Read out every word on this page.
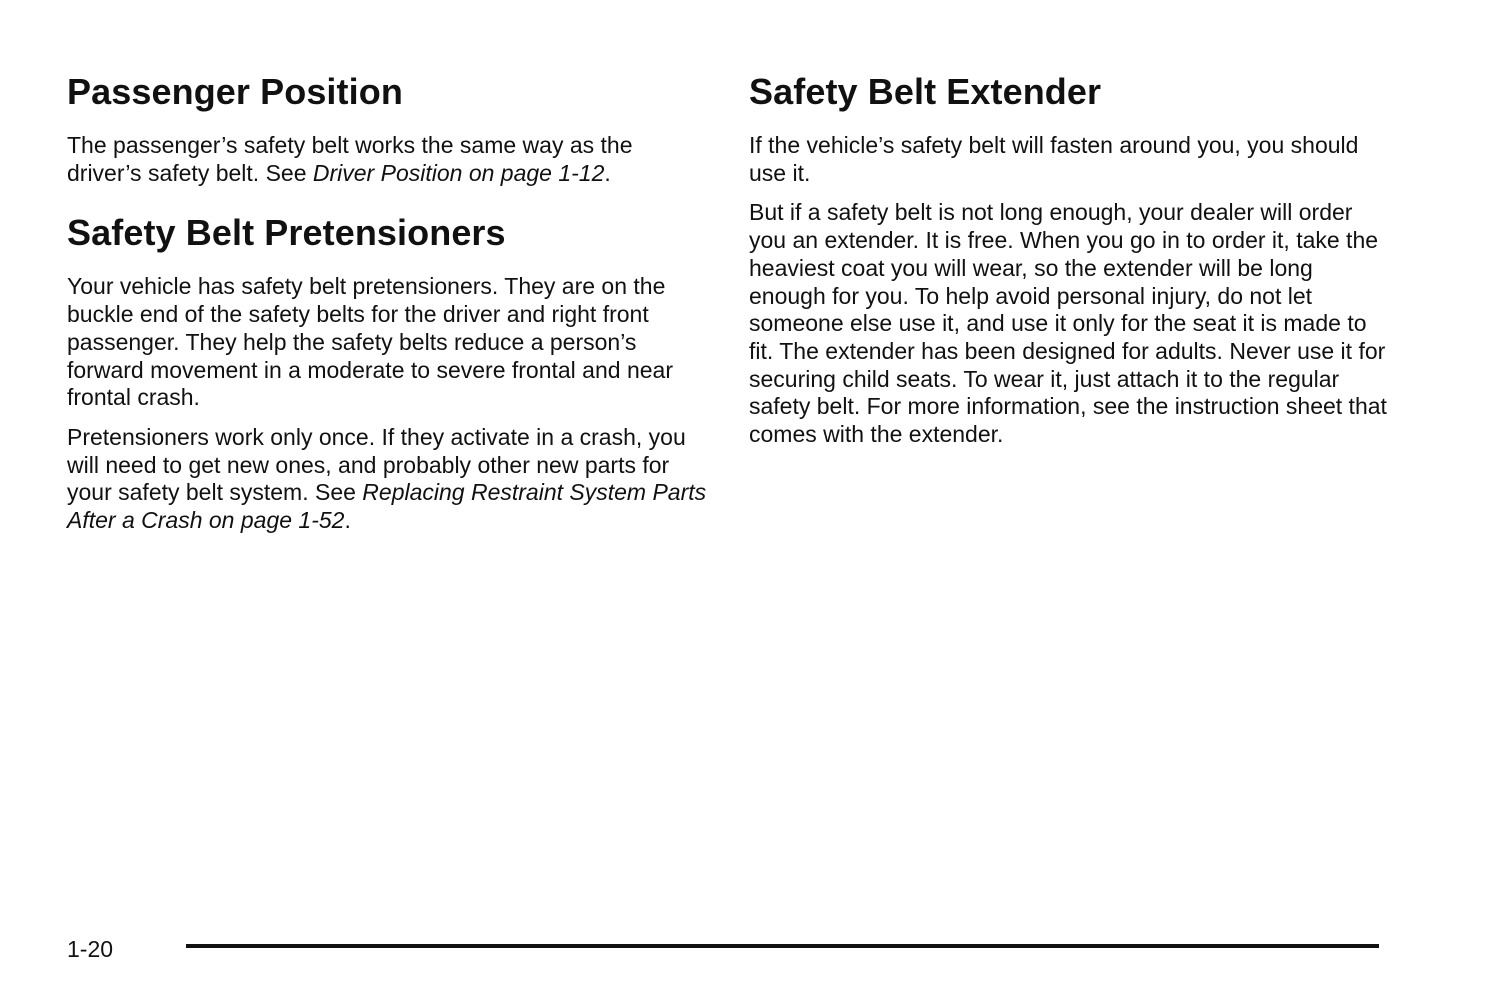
Passenger Position

The passenger’s safety belt works the same way as the driver’s safety belt. See Driver Position on page 1-12.

Safety Belt Pretensioners

Your vehicle has safety belt pretensioners. They are on the buckle end of the safety belts for the driver and right front passenger. They help the safety belts reduce a person’s forward movement in a moderate to severe frontal and near frontal crash.

Pretensioners work only once. If they activate in a crash, you will need to get new ones, and probably other new parts for your safety belt system. See Replacing Restraint System Parts After a Crash on page 1-52.

Safety Belt Extender

If the vehicle’s safety belt will fasten around you, you should use it.

But if a safety belt is not long enough, your dealer will order you an extender. It is free. When you go in to order it, take the heaviest coat you will wear, so the extender will be long enough for you. To help avoid personal injury, do not let someone else use it, and use it only for the seat it is made to fit. The extender has been designed for adults. Never use it for securing child seats. To wear it, just attach it to the regular safety belt. For more information, see the instruction sheet that comes with the extender.

1-20
